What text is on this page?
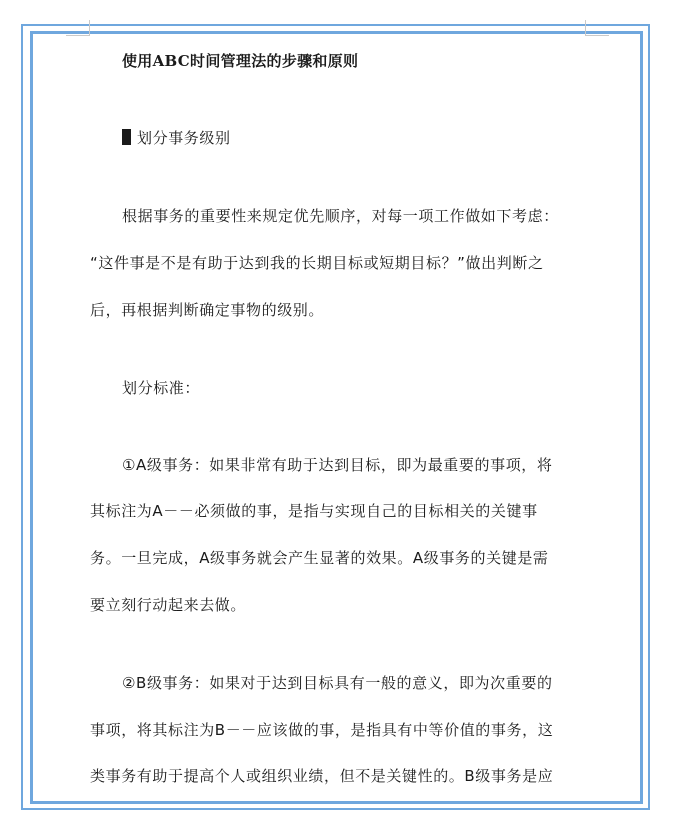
使用ABC时间管理法的步骤和原则
划分事务级别
根据事务的重要性来规定优先顺序，对每一项工作做如下考虑：
“这件事是不是有助于达到我的长期目标或短期目标？”做出判断之
后，再根据判断确定事物的级别。
划分标准：
①A级事务：如果非常有助于达到目标，即为最重要的事项，将
其标注为A－－必须做的事，是指与实现自己的目标相关的关键事
务。一旦完成，A级事务就会产生显著的效果。A级事务的关键是需
要立刻行动起来去做。
②B级事务：如果对于达到目标具有一般的意义，即为次重要的
事项，将其标注为B－－应该做的事，是指具有中等价值的事务，这
类事务有助于提高个人或组织业绩，但不是关键性的。B级事务是应
